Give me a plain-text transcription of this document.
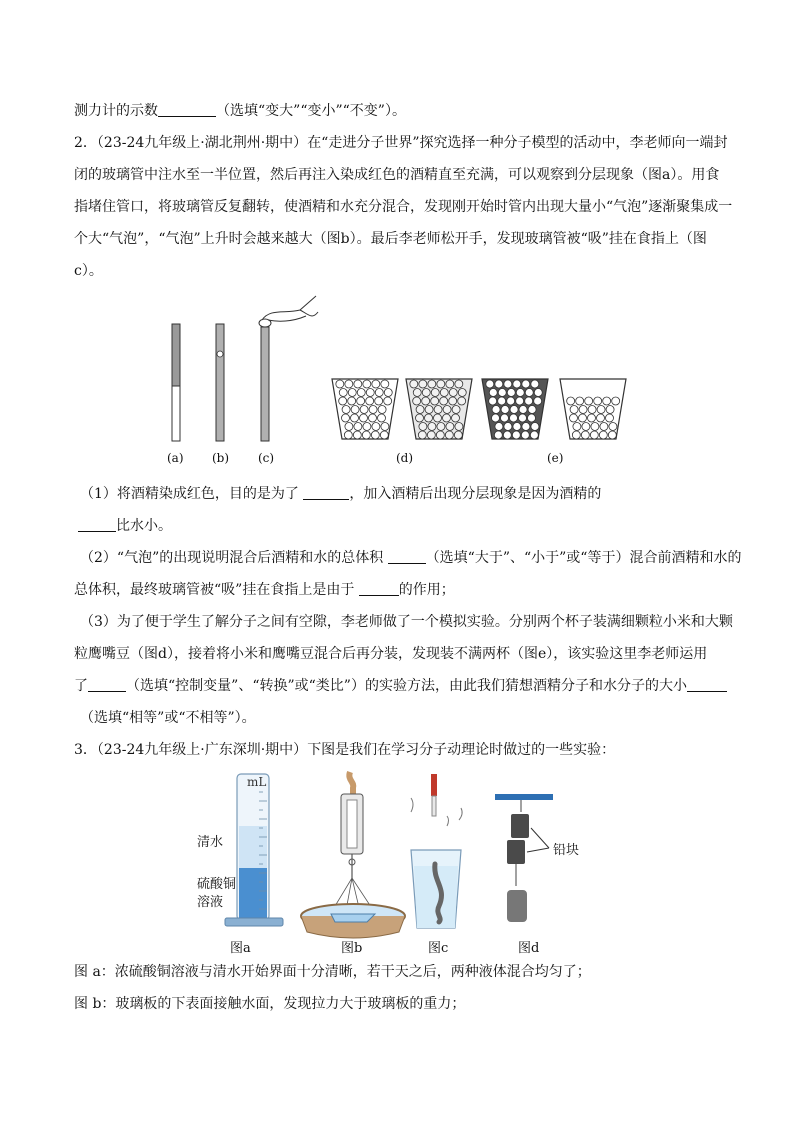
测力计的示数	（选填“变大”“变小”“不变”）。
2．（23-24九年级上·湖北荆州·期中）在“走进分子世界”探究选择一种分子模型的活动中，李老师向一端封
闭的玻璃管中注水至一半位置，然后再注入染成红色的酒精直至充满，可以观察到分层现象（图a）。用食
指堵住管口，将玻璃管反复翻转，使酒精和水充分混合，发现刚开始时管内出现大量小“气泡”逐渐聚集成一
个大“气泡”，“气泡”上升时会越来越大（图b）。最后李老师松开手，发现玻璃管被“吸”挂在食指上（图
c）。
(a) (b) (c)	(d)	(e)
（1）将酒精染成红色，目的是为了	，加入酒精后出现分层现象是因为酒精的
比水小。
（2）“气泡”的出现说明混合后酒精和水的总体积	（选填“大于”、“小于”或“等于）混合前酒精和水的
总体积，最终玻璃管被“吸”挂在食指上是由于	的作用；
（3）为了便于学生了解分子之间有空隙，李老师做了一个模拟实验。分别两个杯子装满细颗粒小米和大颗
粒鹰嘴豆（图d），接着将小米和鹰嘴豆混合后再分装，发现装不满两杯（图e），该实验这里李老师运用
了	（选填“控制变量”、“转换”或“类比”）的实验方法，由此我们猜想酒精分子和水分子的大小
（选填“相等”或“不相等”）。
3．（23-24九年级上·广东深圳·期中）下图是我们在学习分子动理论时做过的一些实验：
mL
清水
硫酸铜
溶液
铅块
图a	图b	图c	图d
图 a：浓硫酸铜溶液与清水开始界面十分清晰，若干天之后，两种液体混合均匀了；
图 b：玻璃板的下表面接触水面，发现拉力大于玻璃板的重力；
